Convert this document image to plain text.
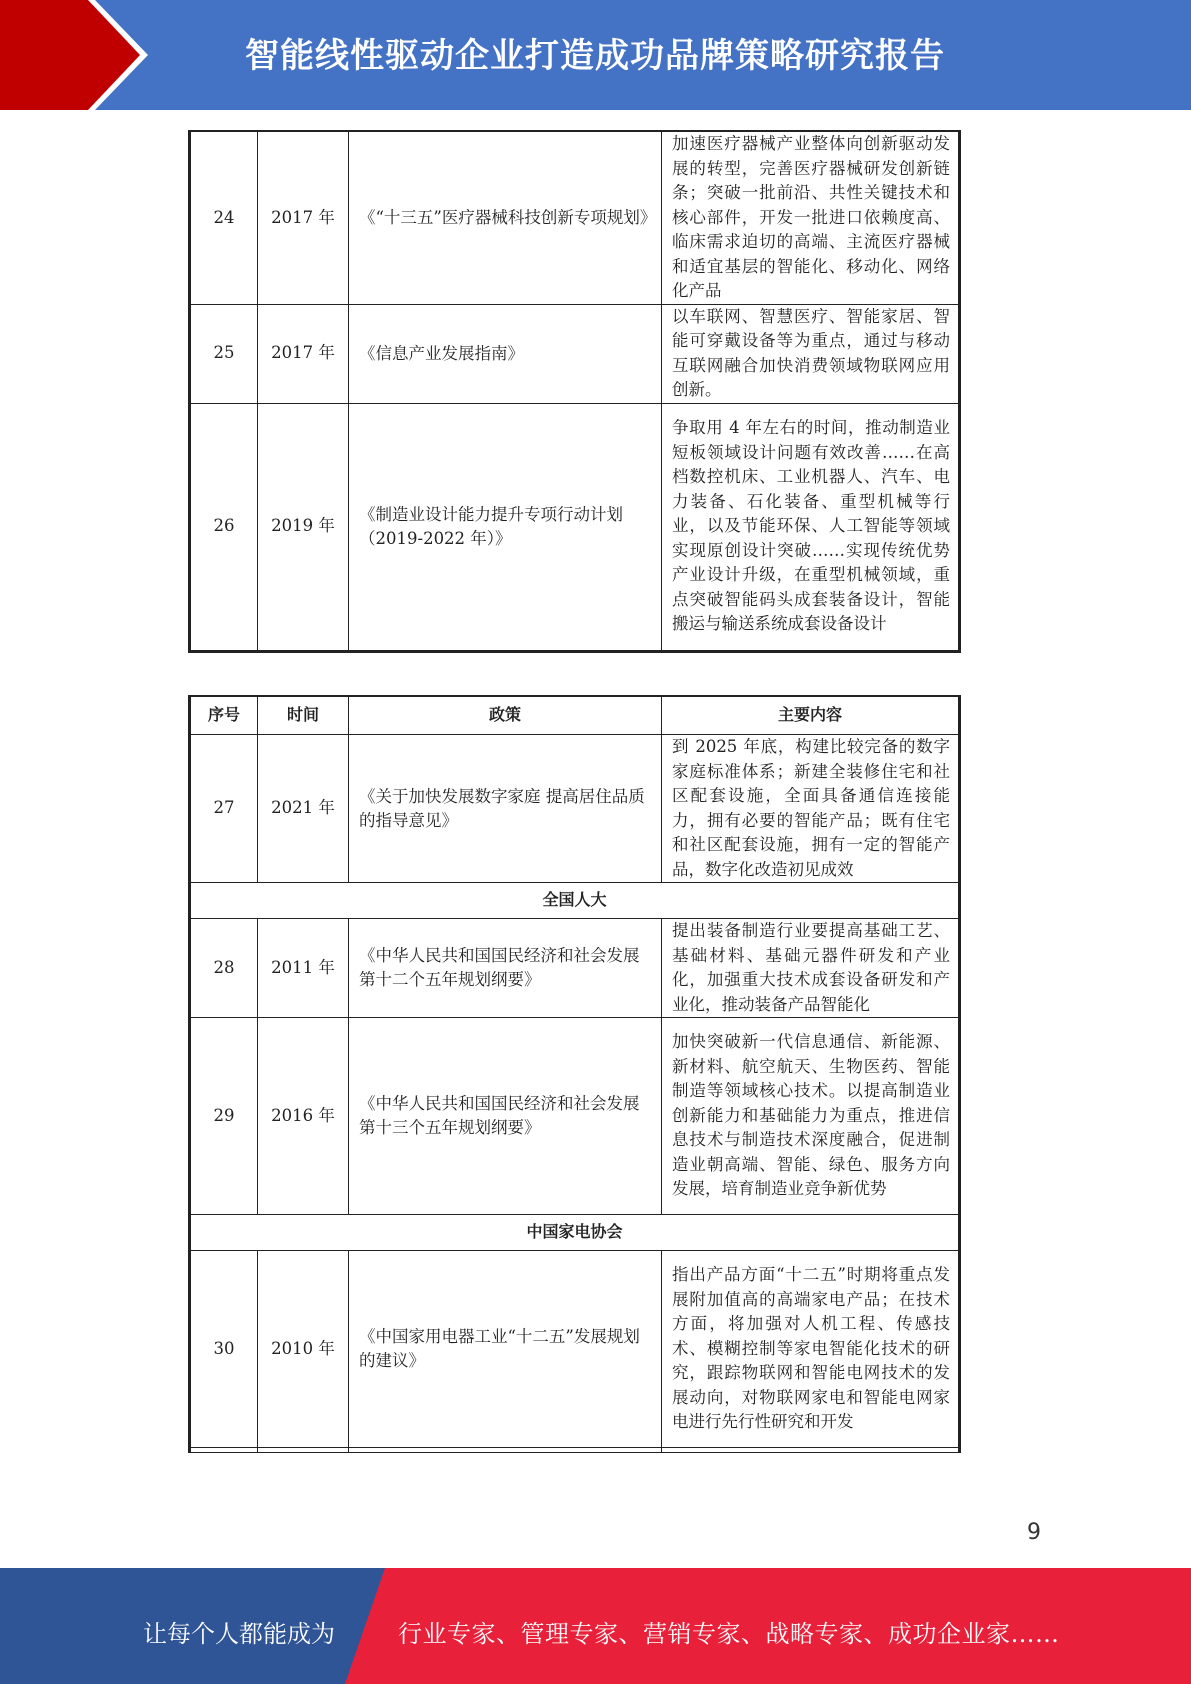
智能线性驱动企业打造成功品牌策略研究报告
24	2017 年	《“十三五”医疗器械科技创新专项规划》	加速医疗器械产业整体向创新驱动发展的转型，完善医疗器械研发创新链条；突破一批前沿、共性关键技术和核心部件，开发一批进口依赖度高、临床需求迫切的高端、主流医疗器械和适宜基层的智能化、移动化、网络化产品
25	2017 年	《信息产业发展指南》	以车联网、智慧医疗、智能家居、智能可穿戴设备等为重点，通过与移动互联网融合加快消费领域物联网应用创新。
26	2019 年	《制造业设计能力提升专项行动计划（2019-2022 年）》	争取用 4 年左右的时间，推动制造业短板领域设计问题有效改善……在高档数控机床、工业机器人、汽车、电力装备、石化装备、重型机械等行业，以及节能环保、人工智能等领域实现原创设计突破……实现传统优势产业设计升级，在重型机械领域，重点突破智能码头成套装备设计，智能搬运与输送系统成套设备设计
序号	时间	政策	主要内容
27	2021 年	《关于加快发展数字家庭 提高居住品质的指导意见》	到 2025 年底，构建比较完备的数字家庭标准体系；新建全装修住宅和社区配套设施，全面具备通信连接能力，拥有必要的智能产品；既有住宅和社区配套设施，拥有一定的智能产品，数字化改造初见成效
全国人大			
28	2011 年	《中华人民共和国国民经济和社会发展第十二个五年规划纲要》	提出装备制造行业要提高基础工艺、基础材料、基础元器件研发和产业化，加强重大技术成套设备研发和产业化，推动装备产品智能化
29	2016 年	《中华人民共和国国民经济和社会发展第十三个五年规划纲要》	加快突破新一代信息通信、新能源、新材料、航空航天、生物医药、智能制造等领域核心技术。以提高制造业创新能力和基础能力为重点，推进信息技术与制造技术深度融合，促进制造业朝高端、智能、绿色、服务方向发展，培育制造业竞争新优势
中国家电协会			
30	2010 年	《中国家用电器工业“十二五”发展规划的建议》	指出产品方面“十二五”时期将重点发展附加值高的高端家电产品；在技术方面，将加强对人机工程、传感技术、模糊控制等家电智能化技术的研究，跟踪物联网和智能电网技术的发展动向，对物联网家电和智能电网家电进行先行性研究和开发

9
让每个人都能成为	行业专家、管理专家、营销专家、战略专家、成功企业家……
